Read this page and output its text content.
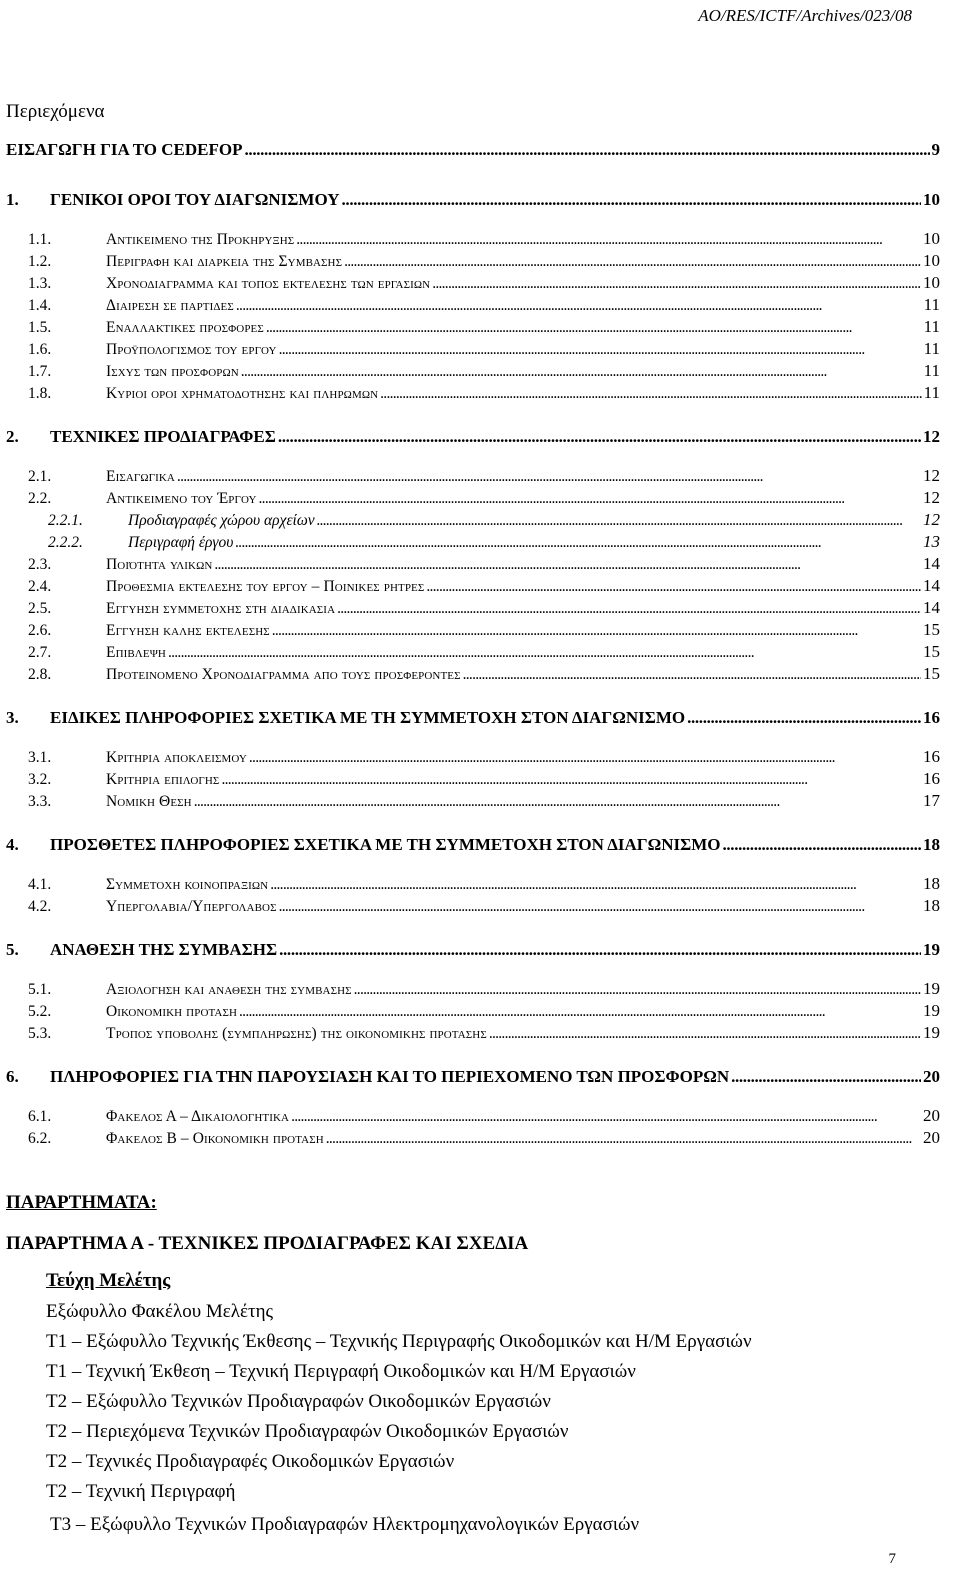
AO/RES/ICTF/Archives/023/08
Περιεχόμενα
ΕΙΣΑΓΩΓΗ ΓΙΑ ΤΟ CEDEFOP . . .	9
1.	ΓΕΝΙΚΟΙ ΟΡΟΙ ΤΟΥ ΔΙΑΓΩΝΙΣΜΟΥ . . .	10
1.1.	Αντικειμενο της Προκηρυξης . . .	10
1.2.	Περιγραφη και διαρκεια της Συμβασης . . .	10
1.3.	Χρονοδιαγραμμα και τοπος εκτελεσης των εργασιων . . .	10
1.4.	Διαιρεση σε παρτιδες . . .	11
1.5.	Εναλλακτικες προσφορες . . .	11
1.6.	Προϋπολογισμος του εργου . . .	11
1.7.	Ισχυς των προσφορων . . .	11
1.8.	Κυριοι οροι χρηματοδοτησης και πληρωμων . . .	11
2.	ΤΕΧΝΙΚΕΣ ΠΡΟΔΙΑΓΡΑΦΕΣ . . .	12
2.1.	Εισαγωγικα . . .	12
2.2.	Αντικειμενο του Έργου . . .	12
2.2.1.	Προδιαγραφές χώρου αρχείων . . .	12
2.2.2.	Περιγραφή έργου . . .	13
2.3.	Ποιότητα υλικων . . .	14
2.4.	Προθεσμια εκτελεσης του εργου – Ποινικες ρητρες . . .	14
2.5.	Εγγυηση συμμετοχης στη διαδικασια . . .	14
2.6.	Εγγυηση καλης εκτελεσης . . .	15
2.7.	Επιβλεψη . . .	15
2.8.	Προτεινομενο Χρονοδιαγραμμα απο τους προσφεροντες . . .	15
3.	ΕΙΔΙΚΕΣ ΠΛΗΡΟΦΟΡΙΕΣ ΣΧΕΤΙΚΑ ΜΕ ΤΗ ΣΥΜΜΕΤΟΧΗ ΣΤΟΝ ΔΙΑΓΩΝΙΣΜΟ . . .	16
3.1.	Κριτηρια αποκλεισμου . . .	16
3.2.	Κριτηρια επιλογης . . .	16
3.3.	Νομικη Θεση . . .	17
4.	ΠΡΟΣΘΕΤΕΣ ΠΛΗΡΟΦΟΡΙΕΣ ΣΧΕΤΙΚΑ ΜΕ ΤΗ ΣΥΜΜΕΤΟΧΗ ΣΤΟΝ ΔΙΑΓΩΝΙΣΜΟ . . .	18
4.1.	Συμμετοχη κοινοπραξιων . . .	18
4.2.	Υπεργολαβια/Υπεργολαβος . . .	18
5.	ΑΝΑΘΕΣΗ ΤΗΣ ΣΥΜΒΑΣΗΣ . . .	19
5.1.	Αξιολογηση και αναθεση της συμβασης . . .	19
5.2.	Οικονομικη προταση . . .	19
5.3.	Τροπος υποβολης (συμπληρωσης) της οικονομικης προτασης . . .	19
6.	ΠΛΗΡΟΦΟΡΙΕΣ ΓΙΑ ΤΗΝ ΠΑΡΟΥΣΙΑΣΗ ΚΑΙ ΤΟ ΠΕΡΙΕΧΟΜΕΝΟ ΤΩΝ ΠΡΟΣΦΟΡΩΝ . . .	20
6.1.	Φακελος Α – Δικαιολογητικα . . .	20
6.2.	Φακελος Β – Οικονομικη προταση . . .	20
ΠΑΡΑΡΤΗΜΑΤΑ:
ΠΑΡΑΡΤΗΜΑ Α - ΤΕΧΝΙΚΕΣ ΠΡΟΔΙΑΓΡΑΦΕΣ ΚΑΙ ΣΧΕΔΙΑ
Τεύχη Μελέτης
Εξώφυλλο Φακέλου Μελέτης
Τ1 – Εξώφυλλο Τεχνικής Έκθεσης – Τεχνικής Περιγραφής Οικοδομικών και Η/Μ Εργασιών
Τ1 – Τεχνική Έκθεση – Τεχνική Περιγραφή Οικοδομικών και Η/Μ Εργασιών
Τ2 – Εξώφυλλο Τεχνικών Προδιαγραφών Οικοδομικών Εργασιών
Τ2 – Περιεχόμενα Τεχνικών Προδιαγραφών Οικοδομικών Εργασιών
Τ2 – Τεχνικές Προδιαγραφές Οικοδομικών Εργασιών
Τ2 – Τεχνική Περιγραφή
Τ3 – Εξώφυλλο Τεχνικών Προδιαγραφών Ηλεκτρομηχανολογικών Εργασιών
7
